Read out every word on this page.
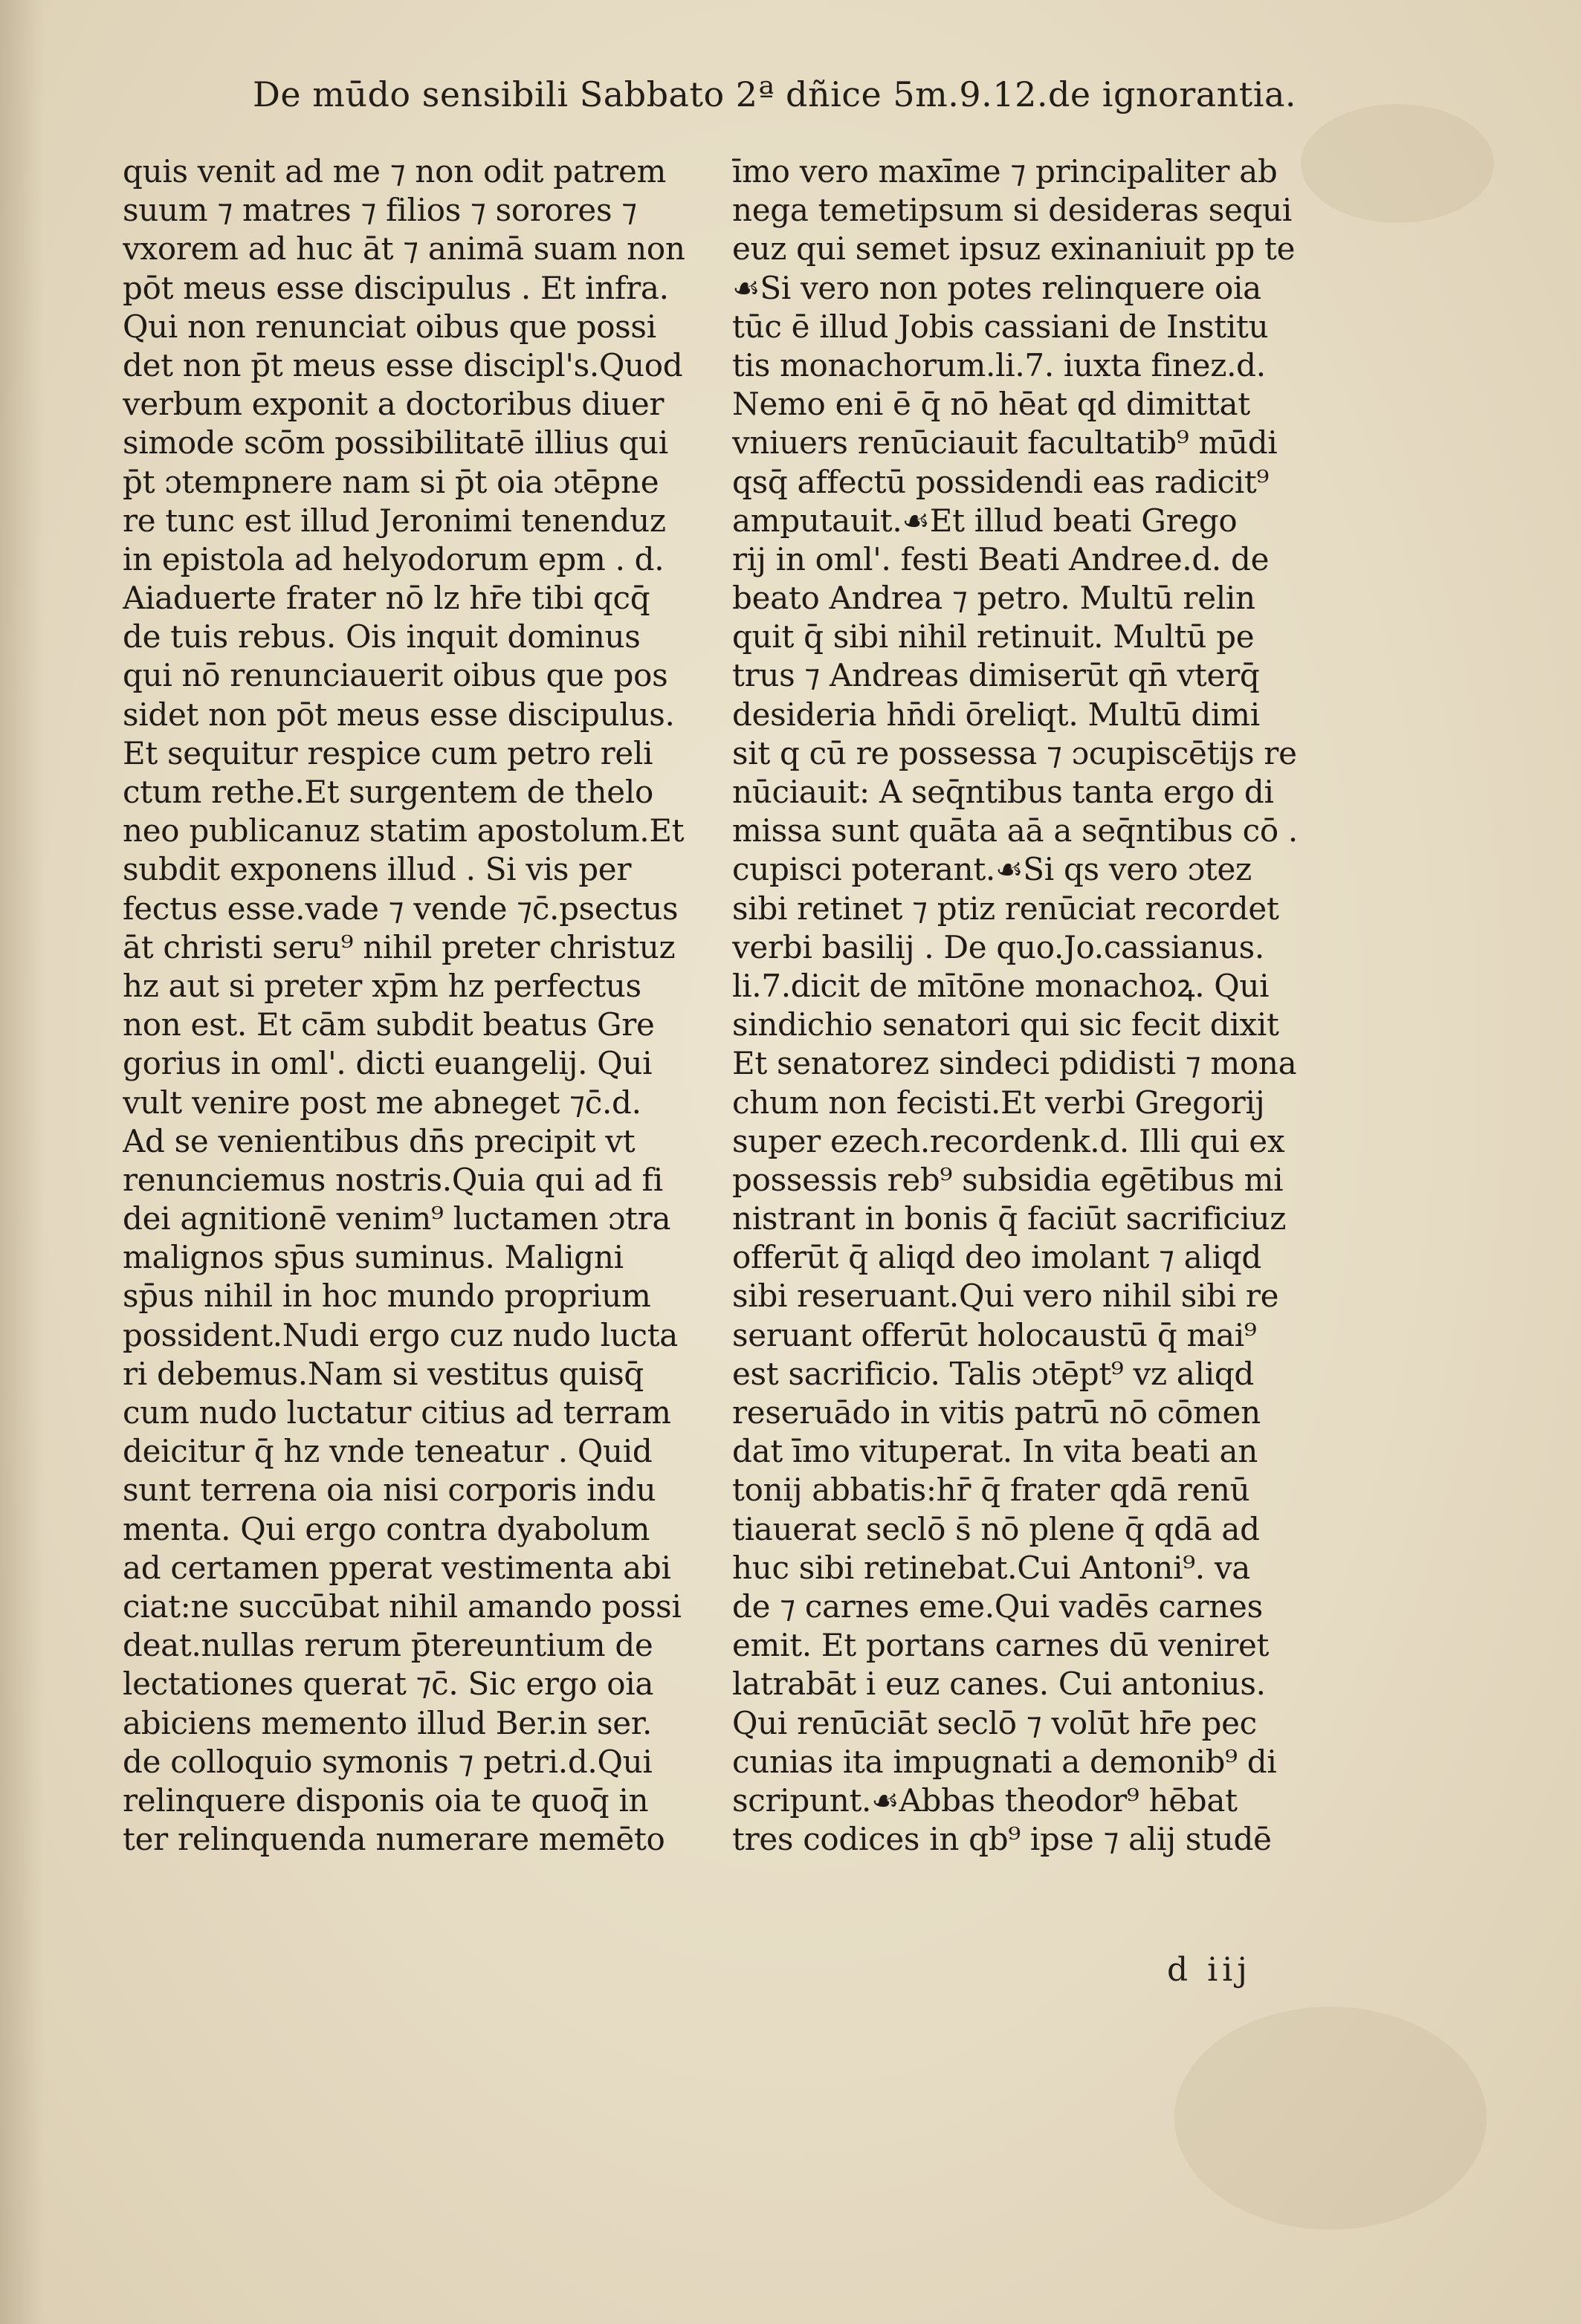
De mūdo sensibili Sabbato 2ª dñice 5m.9.12.de ignorantia.
quis venit ad me ⁊ non odit patrem
suum ⁊ matres ⁊ filios ⁊ sorores ⁊
vxorem ad huc āt ⁊ animā suam non
pōt meus esse discipulus . Et infra.
Qui non renunciat oibus que possi
det non p̄t meus esse discipl's.Quod
verbum exponit a doctoribus diuer
simode scōm possibilitatē illius qui
p̄t ɔtempnere nam si p̄t oia ɔtēpne
re tunc est illud Jeronimi tenenduz
in epistola ad helyodorum epm . d.
Aiaduerte frater nō lz hr̄e tibi qcq̄
de tuis rebus. Ois inquit dominus
qui nō renunciauerit oibus que pos
sidet non pōt meus esse discipulus.
Et sequitur respice cum petro reli
ctum rethe.Et surgentem de thelo
neo publicanuz statim apostolum.Et
subdit exponens illud . Si vis per
fectus esse.vade ⁊ vende ⁊c̄.psectus
āt christi seru⁹ nihil preter christuz
hz aut si preter xp̄m hz perfectus
non est. Et cām subdit beatus Gre
gorius in oml'. dicti euangelij. Qui
vult venire post me abneget ⁊c̄.d.
Ad se venientibus dn̄s precipit vt
renunciemus nostris.Quia qui ad fi
dei agnitionē venim⁹ luctamen ɔtra
malignos sp̄us suminus. Maligni
sp̄us nihil in hoc mundo proprium
possident.Nudi ergo cuz nudo lucta
ri debemus.Nam si vestitus quisq̄
cum nudo luctatur citius ad terram
deicitur q̄ hz vnde teneatur . Quid
sunt terrena oia nisi corporis indu
menta. Qui ergo contra dyabolum
ad certamen pperat vestimenta abi
ciat:ne succūbat nihil amando possi
deat.nullas rerum p̄tereuntium de
lectationes querat ⁊c̄. Sic ergo oia
abiciens memento illud Ber.in ser.
de colloquio symonis ⁊ petri.d.Qui
relinquere disponis oia te quoq̄ in
ter relinquenda numerare memēto
īmo vero maxīme ⁊ principaliter ab
nega temetipsum si desideras sequi
euz qui semet ipsuz exinaniuit pp te
☙Si vero non potes relinquere oia
tūc ē illud Jobis cassiani de Institu
tis monachorum.li.7. iuxta finez.d.
Nemo eni ē q̄ nō hēat qd dimittat
vniuers renūciauit facultatib⁹ mūdi
qsq̄ affectū possidendi eas radicit⁹
amputauit.☙Et illud beati Grego
rij in oml'. festi Beati Andree.d. de
beato Andrea ⁊ petro. Multū relin
quit q̄ sibi nihil retinuit. Multū pe
trus ⁊ Andreas dimiserūt qn̄ vterq̄
desideria hn̄di ōreliqt. Multū dimi
sit q cū re possessa ⁊ ɔcupiscētijs re
nūciauit: A seq̄ntibus tanta ergo di
missa sunt quāta aā a seq̄ntibus cō .
cupisci poterant.☙Si qs vero ɔtez
sibi retinet ⁊ ptiz renūciat recordet
verbi basilij . De quo.Jo.cassianus.
li.7.dicit de mītōne monachoꝝ. Qui
sindichio senatori qui sic fecit dixit
Et senatorez sindeci pdidisti ⁊ mona
chum non fecisti.Et verbi Gregorij
super ezech.recordenk.d. Illi qui ex
possessis reb⁹ subsidia egētibus mi
nistrant in bonis q̄ faciūt sacrificiuz
offerūt q̄ aliqd deo imolant ⁊ aliqd
sibi reseruant.Qui vero nihil sibi re
seruant offerūt holocaustū q̄ mai⁹
est sacrificio. Talis ɔtēpt⁹ vz aliqd
reseruādo in vitis patrū nō cōmen
dat īmo vituperat. In vita beati an
tonij abbatis:hr̄ q̄ frater qdā renū
tiauerat seclō s̄ nō plene q̄ qdā ad
huc sibi retinebat.Cui Antoni⁹. va
de ⁊ carnes eme.Qui vadēs carnes
emit. Et portans carnes dū veniret
latrabāt i euz canes. Cui antonius.
Qui renūciāt seclō ⁊ volūt hr̄e pec
cunias ita impugnati a demonib⁹ di
scripunt.☙Abbas theodor⁹ hēbat
tres codices in qb⁹ ipse ⁊ alij studē
d iij
